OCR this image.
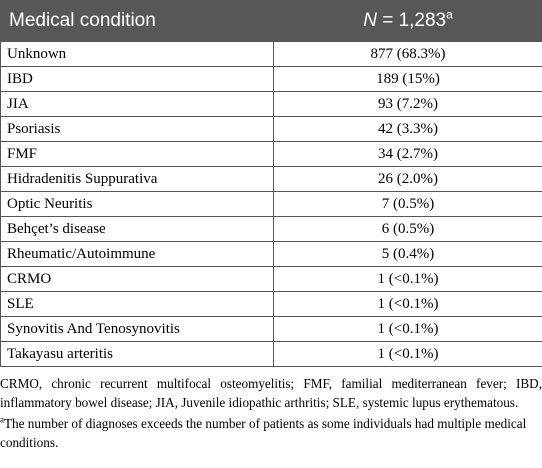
Medical condition	N = 1,283$^a$
Unknown	877 (68.3%)
IBD	189 (15%)
JIA	93 (7.2%)
Psoriasis	42 (3.3%)
FMF	34 (2.7%)
Hidradenitis Suppurativa	26 (2.0%)
Optic Neuritis	7 (0.5%)
Behçet’s disease	6 (0.5%)
Rheumatic/Autoimmune	5 (0.4%)
CRMO	1 (<0.1%)
SLE	1 (<0.1%)
Synovitis And Tenosynovitis	1 (<0.1%)
Takayasu arteritis	1 (<0.1%)
CRMO, chronic recurrent multifocal osteomyelitis; FMF, familial mediterranean fever; IBD, inflammatory bowel disease; JIA, Juvenile idiopathic arthritis; SLE, systemic lupus erythematous.
$^a$The number of diagnoses exceeds the number of patients as some individuals had multiple medical conditions.
